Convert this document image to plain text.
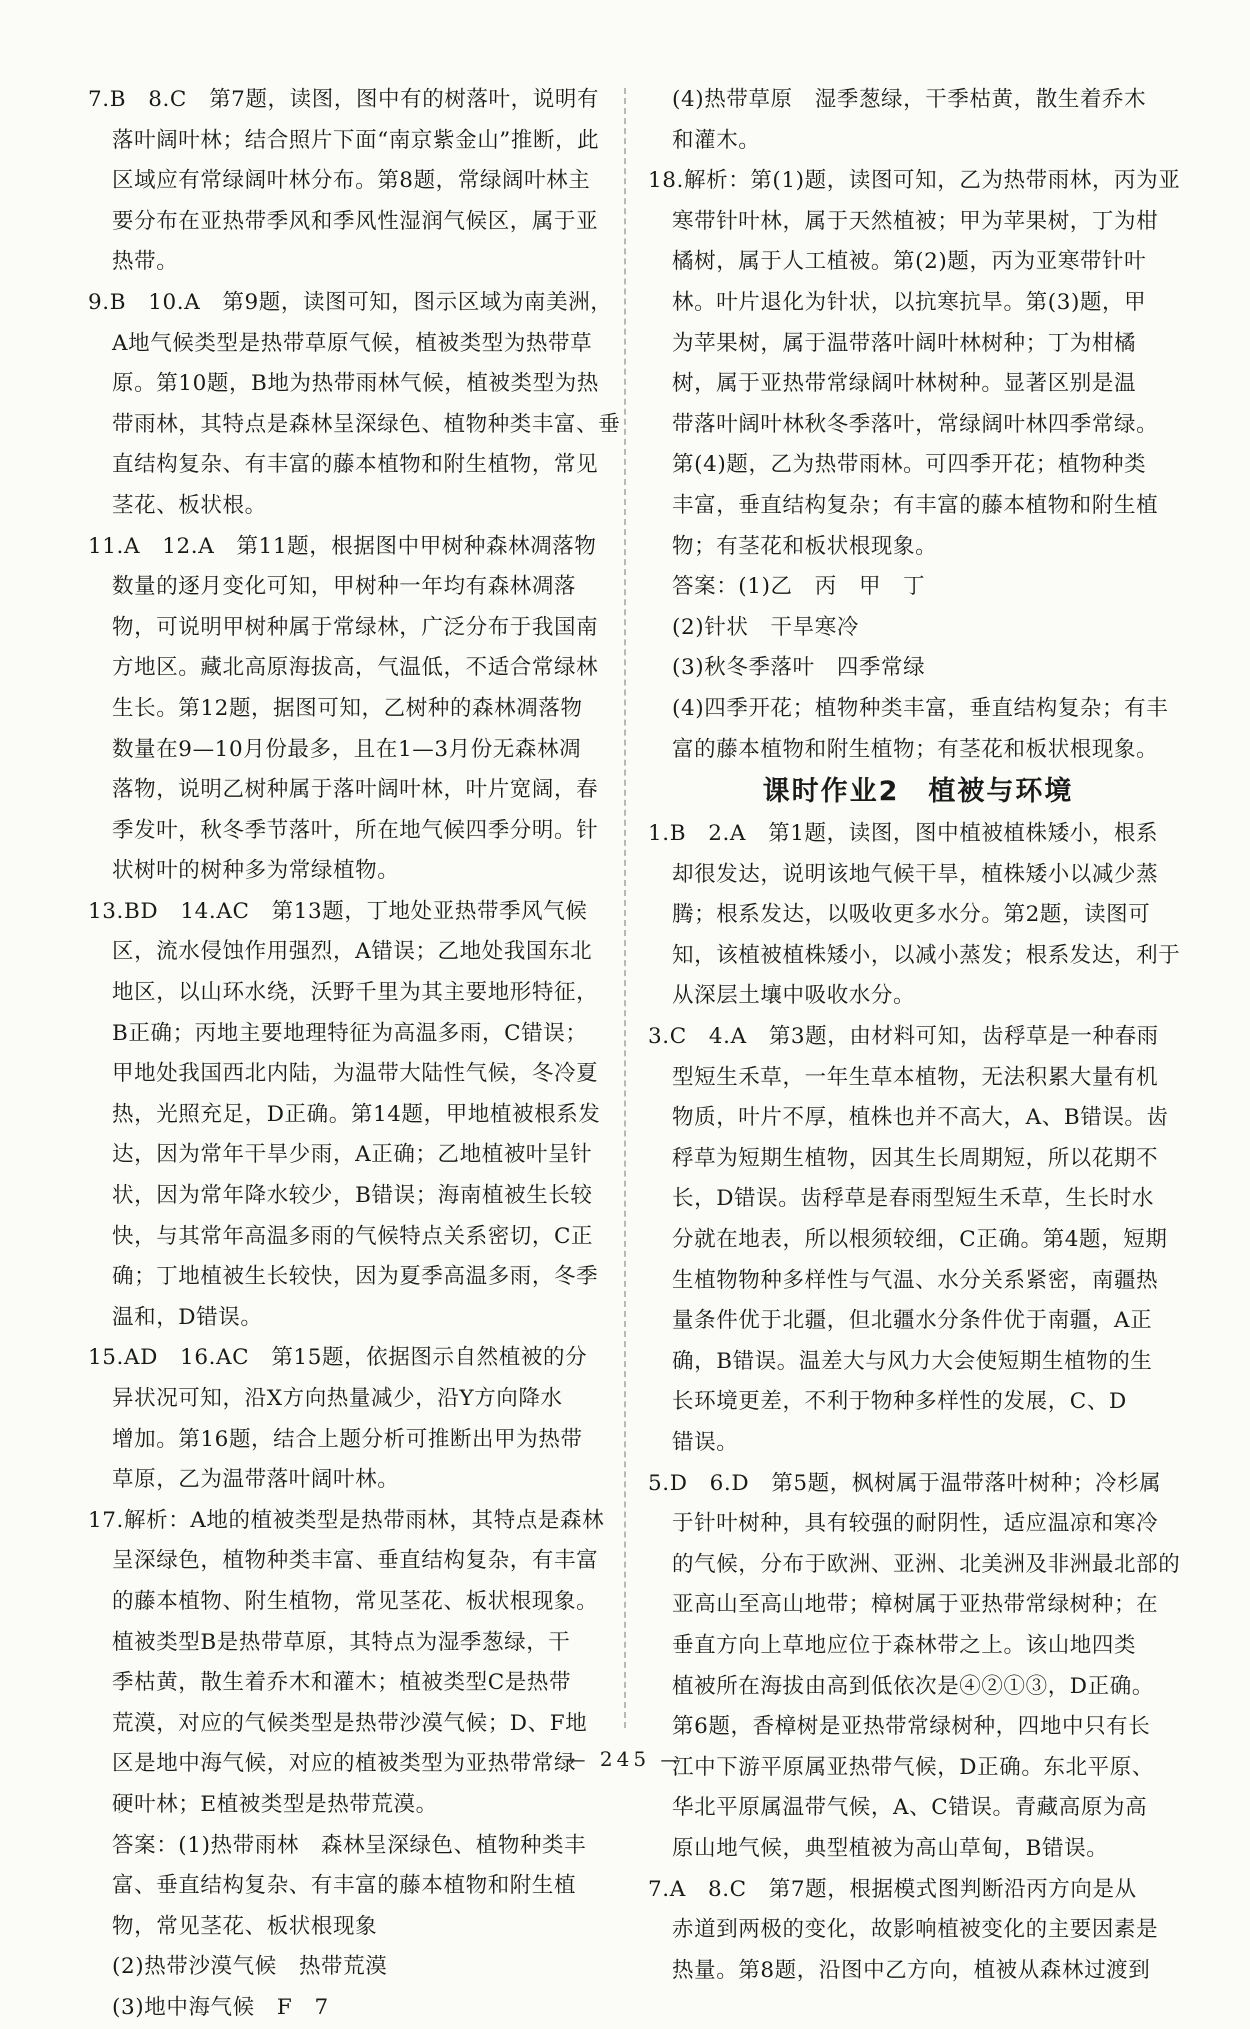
7.B　8.C　第7题，读图，图中有的树落叶，说明有
落叶阔叶林；结合照片下面“南京紫金山”推断，此
区域应有常绿阔叶林分布。第8题，常绿阔叶林主
要分布在亚热带季风和季风性湿润气候区，属于亚
热带。
9.B　10.A　第9题，读图可知，图示区域为南美洲，
A地气候类型是热带草原气候，植被类型为热带草
原。第10题，B地为热带雨林气候，植被类型为热
带雨林，其特点是森林呈深绿色、植物种类丰富、垂
直结构复杂、有丰富的藤本植物和附生植物，常见
茎花、板状根。
11.A　12.A　第11题，根据图中甲树种森林凋落物
数量的逐月变化可知，甲树种一年均有森林凋落
物，可说明甲树种属于常绿林，广泛分布于我国南
方地区。藏北高原海拔高，气温低，不适合常绿林
生长。第12题，据图可知，乙树种的森林凋落物
数量在9—10月份最多，且在1—3月份无森林凋
落物，说明乙树种属于落叶阔叶林，叶片宽阔，春
季发叶，秋冬季节落叶，所在地气候四季分明。针
状树叶的树种多为常绿植物。
13.BD　14.AC　第13题，丁地处亚热带季风气候
区，流水侵蚀作用强烈，A错误；乙地处我国东北
地区，以山环水绕，沃野千里为其主要地形特征，
B正确；丙地主要地理特征为高温多雨，C错误；
甲地处我国西北内陆，为温带大陆性气候，冬冷夏
热，光照充足，D正确。第14题，甲地植被根系发
达，因为常年干旱少雨，A正确；乙地植被叶呈针
状，因为常年降水较少，B错误；海南植被生长较
快，与其常年高温多雨的气候特点关系密切，C正
确；丁地植被生长较快，因为夏季高温多雨，冬季
温和，D错误。
15.AD　16.AC　第15题，依据图示自然植被的分
异状况可知，沿X方向热量减少，沿Y方向降水
增加。第16题，结合上题分析可推断出甲为热带
草原，乙为温带落叶阔叶林。
17.解析：A地的植被类型是热带雨林，其特点是森林
呈深绿色，植物种类丰富、垂直结构复杂，有丰富
的藤本植物、附生植物，常见茎花、板状根现象。
植被类型B是热带草原，其特点为湿季葱绿，干
季枯黄，散生着乔木和灌木；植被类型C是热带
荒漠，对应的气候类型是热带沙漠气候；D、F地
区是地中海气候，对应的植被类型为亚热带常绿
硬叶林；E植被类型是热带荒漠。
答案：(1)热带雨林　森林呈深绿色、植物种类丰
富、垂直结构复杂、有丰富的藤本植物和附生植
物，常见茎花、板状根现象
(2)热带沙漠气候　热带荒漠
(3)地中海气候　F　7
(4)热带草原　湿季葱绿，干季枯黄，散生着乔木
和灌木。
18.解析：第(1)题，读图可知，乙为热带雨林，丙为亚
寒带针叶林，属于天然植被；甲为苹果树，丁为柑
橘树，属于人工植被。第(2)题，丙为亚寒带针叶
林。叶片退化为针状，以抗寒抗旱。第(3)题，甲
为苹果树，属于温带落叶阔叶林树种；丁为柑橘
树，属于亚热带常绿阔叶林树种。显著区别是温
带落叶阔叶林秋冬季落叶，常绿阔叶林四季常绿。
第(4)题，乙为热带雨林。可四季开花；植物种类
丰富，垂直结构复杂；有丰富的藤本植物和附生植
物；有茎花和板状根现象。
答案：(1)乙　丙　甲　丁
(2)针状　干旱寒冷
(3)秋冬季落叶　四季常绿
(4)四季开花；植物种类丰富，垂直结构复杂；有丰
富的藤本植物和附生植物；有茎花和板状根现象。
课时作业2　植被与环境
1.B　2.A　第1题，读图，图中植被植株矮小，根系
却很发达，说明该地气候干旱，植株矮小以减少蒸
腾；根系发达，以吸收更多水分。第2题，读图可
知，该植被植株矮小，以减小蒸发；根系发达，利于
从深层土壤中吸收水分。
3.C　4.A　第3题，由材料可知，齿稃草是一种春雨
型短生禾草，一年生草本植物，无法积累大量有机
物质，叶片不厚，植株也并不高大，A、B错误。齿
稃草为短期生植物，因其生长周期短，所以花期不
长，D错误。齿稃草是春雨型短生禾草，生长时水
分就在地表，所以根须较细，C正确。第4题，短期
生植物物种多样性与气温、水分关系紧密，南疆热
量条件优于北疆，但北疆水分条件优于南疆，A正
确，B错误。温差大与风力大会使短期生植物的生
长环境更差，不利于物种多样性的发展，C、D
错误。
5.D　6.D　第5题，枫树属于温带落叶树种；冷杉属
于针叶树种，具有较强的耐阴性，适应温凉和寒冷
的气候，分布于欧洲、亚洲、北美洲及非洲最北部的
亚高山至高山地带；樟树属于亚热带常绿树种；在
垂直方向上草地应位于森林带之上。该山地四类
植被所在海拔由高到低依次是④②①③，D正确。
第6题，香樟树是亚热带常绿树种，四地中只有长
江中下游平原属亚热带气候，D正确。东北平原、
华北平原属温带气候，A、C错误。青藏高原为高
原山地气候，典型植被为高山草甸，B错误。
7.A　8.C　第7题，根据模式图判断沿丙方向是从
赤道到两极的变化，故影响植被变化的主要因素是
热量。第8题，沿图中乙方向，植被从森林过渡到
— 245 —
